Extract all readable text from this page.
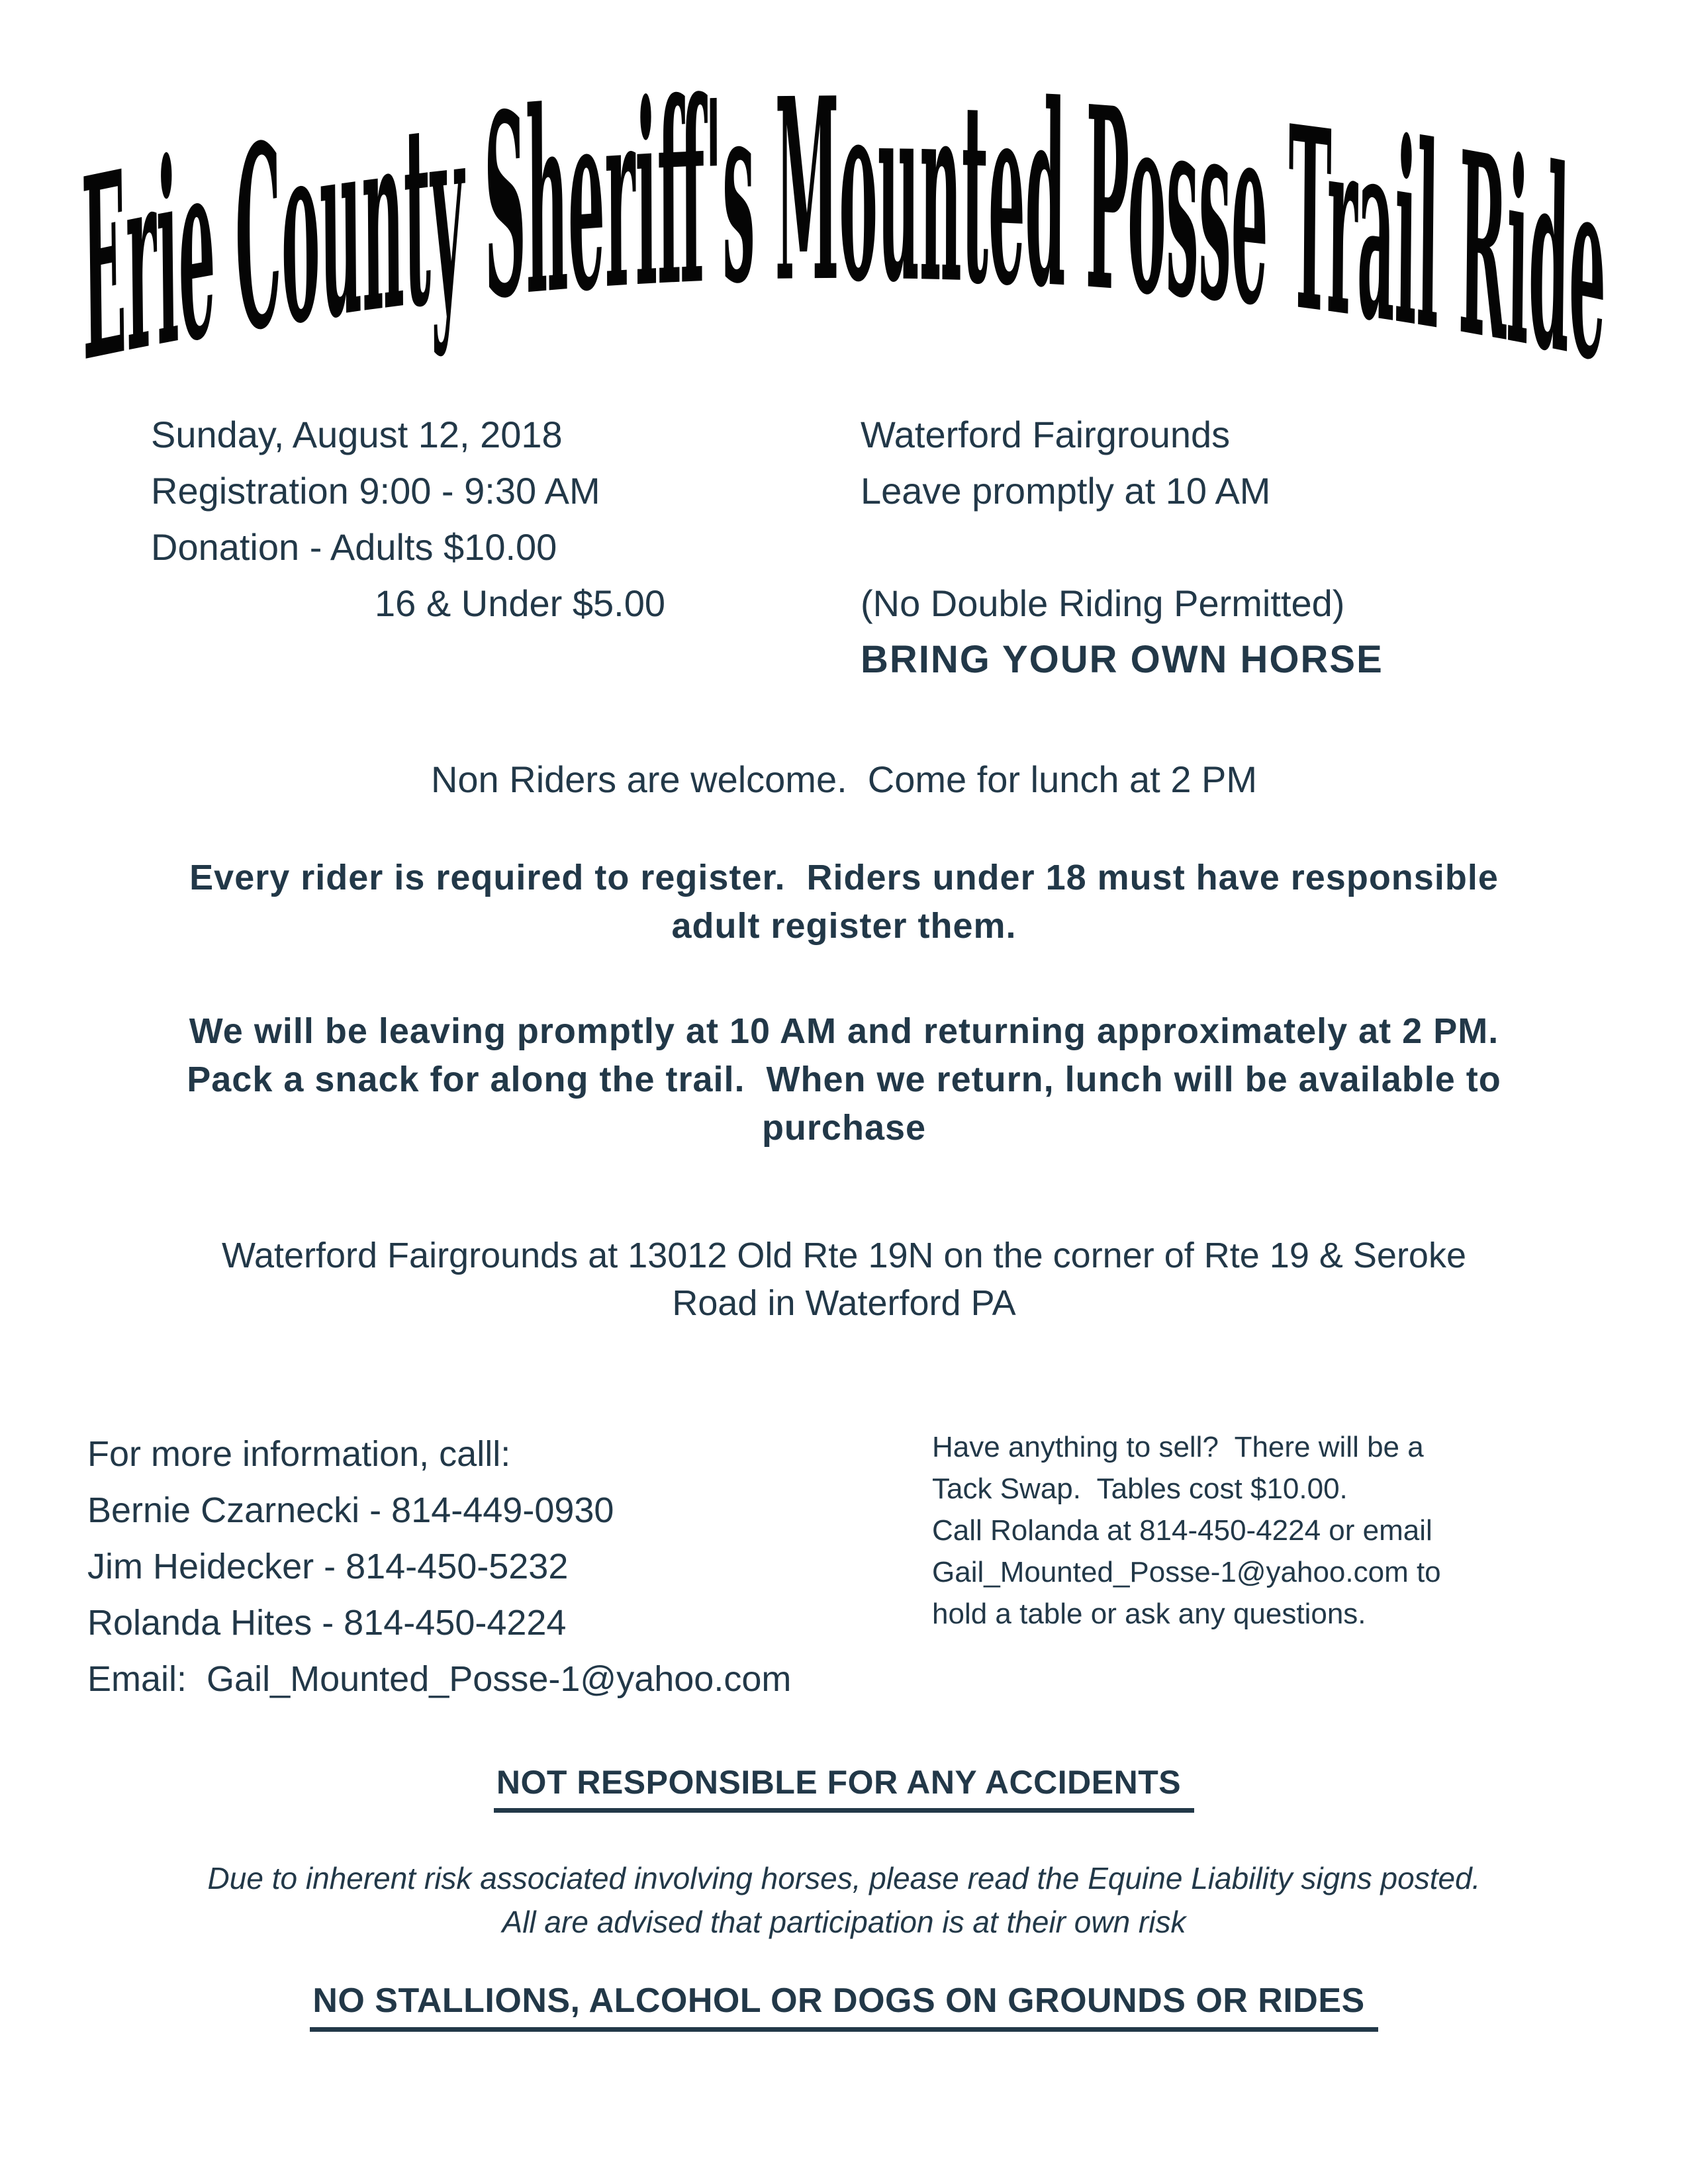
Erie County Sheriff's Mounted Posse Trail Ride
Sunday, August 12, 2018
Registration 9:00 - 9:30 AM
Donation - Adults $10.00
16 & Under $5.00
Waterford Fairgrounds
Leave promptly at 10 AM

(No Double Riding Permitted)
BRING YOUR OWN HORSE
Non Riders are welcome.  Come for lunch at 2 PM
Every rider is required to register.  Riders under 18 must have responsible
adult register them.
We will be leaving promptly at 10 AM and returning approximately at 2 PM.
Pack a snack for along the trail.  When we return, lunch will be available to
purchase
Waterford Fairgrounds at 13012 Old Rte 19N on the corner of Rte 19 & Seroke
Road in Waterford PA
For more information, calll:
Bernie Czarnecki - 814-449-0930
Jim Heidecker - 814-450-5232
Rolanda Hites - 814-450-4224
Email:  Gail_Mounted_Posse-1@yahoo.com
Have anything to sell?  There will be a
Tack Swap.  Tables cost $10.00.
Call Rolanda at 814-450-4224 or email
Gail_Mounted_Posse-1@yahoo.com to
hold a table or ask any questions.
NOT RESPONSIBLE FOR ANY ACCIDENTS
Due to inherent risk associated involving horses, please read the Equine Liability signs posted.
All are advised that participation is at their own risk
NO STALLIONS, ALCOHOL OR DOGS ON GROUNDS OR RIDES
